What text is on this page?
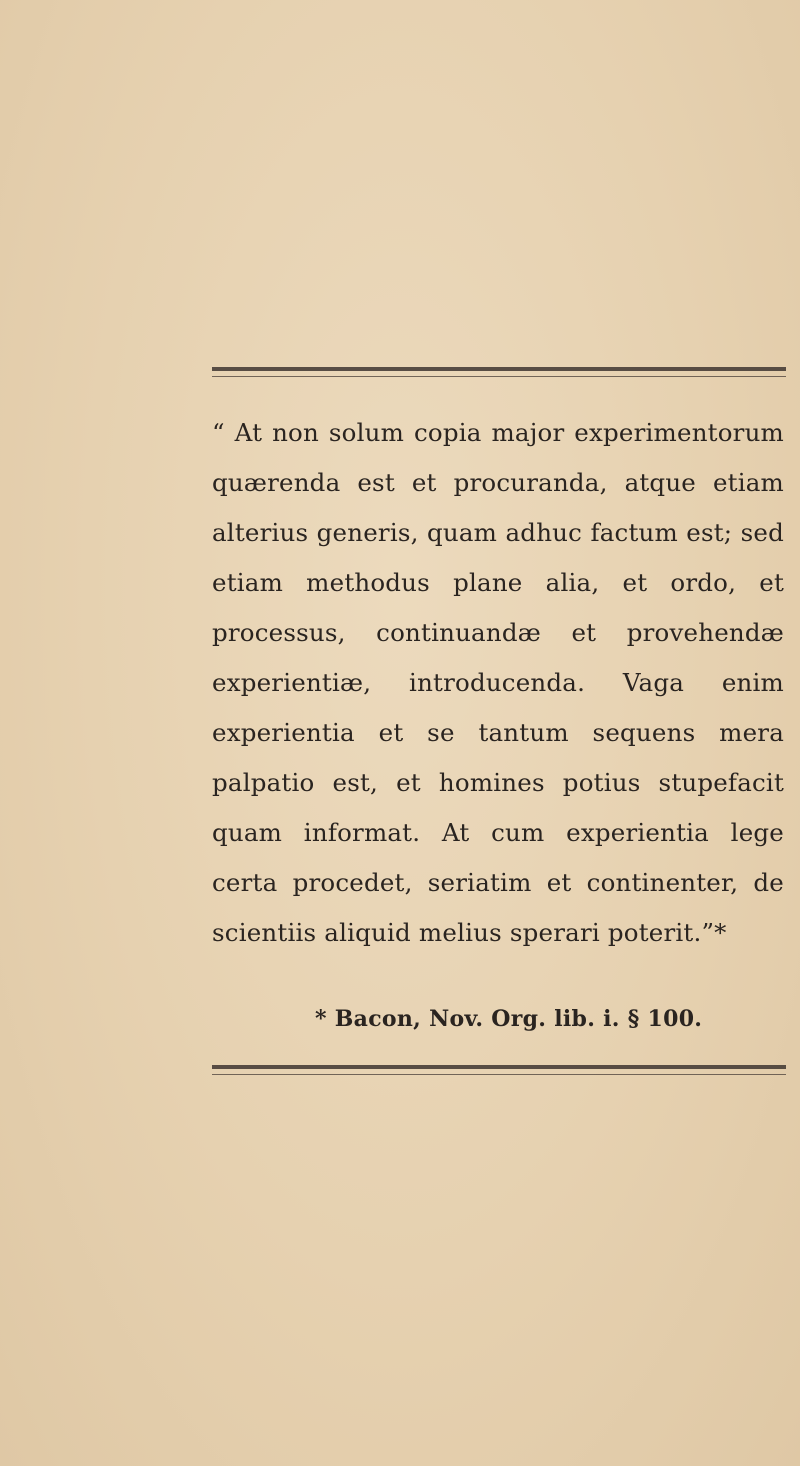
“ At non solum copia major experimentorum quærenda est et procuranda, atque etiam alterius generis, quam adhuc factum est; sed etiam methodus plane alia, et ordo, et processus, continuandæ et provehendæ experientiæ, introducenda. Vaga enim experientia et se tantum sequens mera palpatio est, et homines potius stupefacit quam informat. At cum experientia lege certa procedet, seriatim et continenter, de scientiis aliquid melius sperari poterit.”*

* Bacon, Nov. Org. lib. i. § 100.
